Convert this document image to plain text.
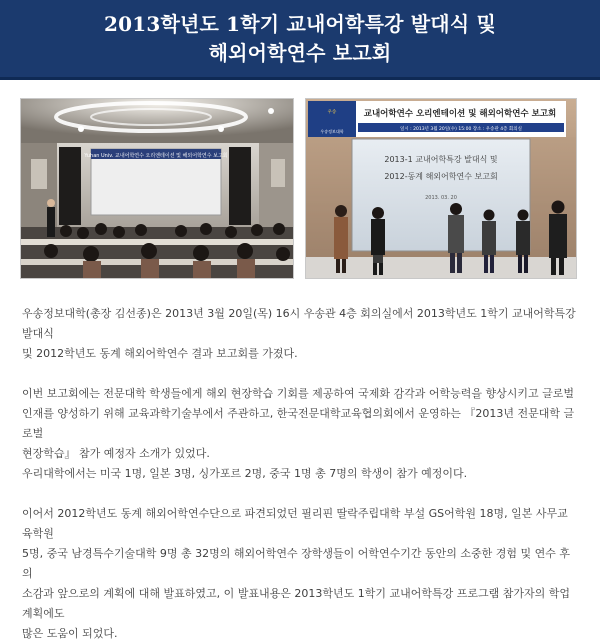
2013학년도 1학기 교내어학특강 발대식 및
해외어학연수 보고회
Yuhan Univ. 교내어학연수 오리엔테이션 및 해외어학연수 보고회
우송
우송정보대학
교내어학연수 오리엔테이션 및 해외어학연수 보고회
일시 : 2013년 3월 20일(수) 15:00 장소 : 우송관 4층 회의실
2013-1 교내어학특강 발대식 및
2012-동계 해외어학연수 보고회
2013. 03. 20

우송정보대학(총장 김선종)은 2013년 3월 20일(목) 16시 우송관 4층 회의실에서 2013학년도 1학기 교내어학특강 발대식

및 2012학년도 동계 해외어학연수 결과 보고회를 가졌다.

이번 보고회에는 전문대학 학생들에게 해외 현장학습 기회를 제공하여 국제화 감각과 어학능력을 향상시키고 글로벌

인재를 양성하기 위해 교육과학기술부에서 주관하고, 한국전문대학교육협의회에서 운영하는 『2013년 전문대학 글로벌

현장학습』 참가 예정자 소개가 있었다.

우리대학에서는 미국 1명, 일본 3명, 싱가포르 2명, 중국 1명 총 7명의 학생이 참가 예정이다.

이어서 2012학년도 동계 해외어학연수단으로 파견되었던 필리핀 딸락주립대학 부설 GS어학원 18명, 일본 사무교육학원

5명, 중국 남경특수기술대학 9명 총 32명의 해외어학연수 장학생들이 어학연수기간 동안의 소중한 경험 및 연수 후의

소감과 앞으로의 계획에 대해 발표하였고, 이 발표내용은 2013학년도 1학기 교내어학특강 프로그램 참가자의 학업계획에도

많은 도움이 되었다.
